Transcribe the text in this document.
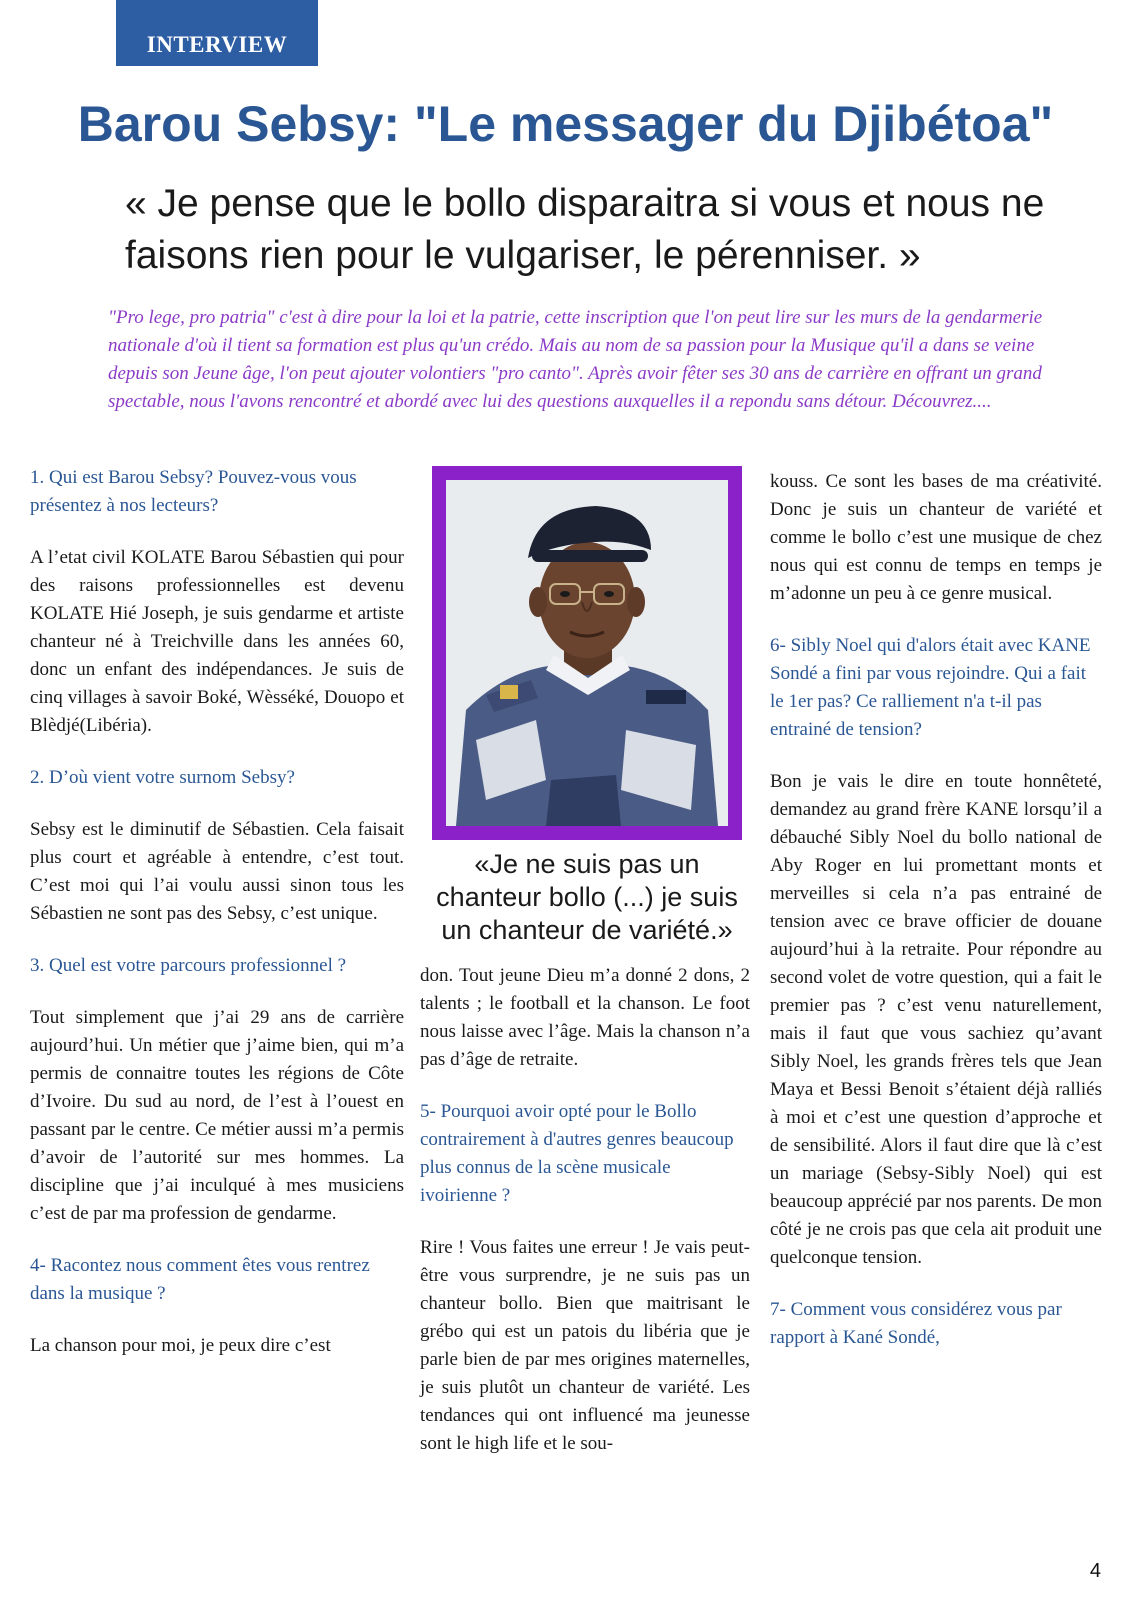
INTERVIEW
Barou Sebsy: "Le messager du Djibétoa"
« Je pense que le bollo disparaitra si vous et nous ne faisons rien pour le vulgariser, le pérenniser. »

"Pro lege, pro patria" c'est à dire pour la loi et la patrie, cette inscription que l'on peut lire sur les murs de la gendarmerie nationale d'où il tient sa formation est plus qu'un crédo. Mais au nom de sa passion pour la Musique qu'il a dans se veine depuis son Jeune âge, l'on peut ajouter volontiers "pro canto". Après avoir fêter ses 30 ans de carrière en offrant un grand spectable, nous l'avons rencontré et abordé avec lui des questions auxquelles il a repondu sans détour. Découvrez....

1. Qui est Barou Sebsy? Pouvez-vous vous présentez à nos lecteurs?

A l’etat civil KOLATE Barou Sébastien qui pour des raisons professionnelles est devenu KOLATE Hié Joseph, je suis gendarme et artiste chanteur né à Treichville dans les années 60, donc un enfant des indépendances. Je suis de cinq villages à savoir Boké, Wèsséké, Douopo et Blèdjé(Libéria).

2. D’où vient votre surnom Sebsy?

Sebsy est le diminutif de Sébastien. Cela faisait plus court et agréable à entendre, c’est tout. C’est moi qui l’ai voulu aussi sinon tous les Sébastien ne sont pas des Sebsy, c’est unique.

3. Quel est votre parcours professionnel ?

Tout simplement que j’ai 29 ans de carrière aujourd’hui. Un métier que j’aime bien, qui m’a permis de connaitre toutes les régions de Côte d’Ivoire. Du sud au nord, de l’est à l’ouest en passant par le centre. Ce métier aussi m’a permis d’avoir de l’autorité sur mes hommes. La discipline que j’ai inculqué à mes musiciens c’est de par ma profession de gendarme.

4- Racontez nous comment êtes vous rentrez dans la musique ?

La chanson pour moi, je peux dire c’est

«Je ne suis pas un chanteur bollo (...) je suis un chanteur de variété.»

don. Tout jeune Dieu m’a donné 2 dons, 2 talents ; le football et la chanson. Le foot nous laisse avec l’âge. Mais la chanson n’a pas d’âge de retraite.

5- Pourquoi avoir opté pour le Bollo contrairement à d'autres genres beaucoup plus connus de la scène musicale ivoirienne ?

Rire ! Vous faites une erreur ! Je vais peut-être vous surprendre, je ne suis pas un chanteur bollo. Bien que maitrisant le grébo qui est un patois du libéria que je parle bien de par mes origines maternelles, je suis plutôt un chanteur de variété. Les tendances qui ont influencé ma jeunesse sont le high life et le sou-

kouss. Ce sont les bases de ma créativité. Donc je suis un chanteur de variété et comme le bollo c’est une musique de chez nous qui est connu de temps en temps je m’adonne un peu à ce genre musical.

6- Sibly Noel qui d'alors était avec KANE Sondé a fini par vous rejoindre. Qui a fait le 1er pas? Ce ralliement n'a t-il pas entrainé de tension?

Bon je vais le dire en toute honnêteté, demandez au grand frère KANE lorsqu’il a débauché Sibly Noel du bollo national de Aby Roger en lui promettant monts et merveilles si cela n’a pas entrainé de tension avec ce brave officier de douane aujourd’hui à la retraite. Pour répondre au second volet de votre question, qui a fait le premier pas ? c’est venu naturellement, mais il faut que vous sachiez qu’avant Sibly Noel, les grands frères tels que Jean Maya et Bessi Benoit s’étaient déjà ralliés à moi et c’est une question d’approche et de sensibilité. Alors il faut dire que là c’est un mariage (Sebsy-Sibly Noel) qui est beaucoup apprécié par nos parents. De mon côté je ne crois pas que cela ait produit une quelconque tension.

7- Comment vous considérez vous par rapport à Kané Sondé,

4
